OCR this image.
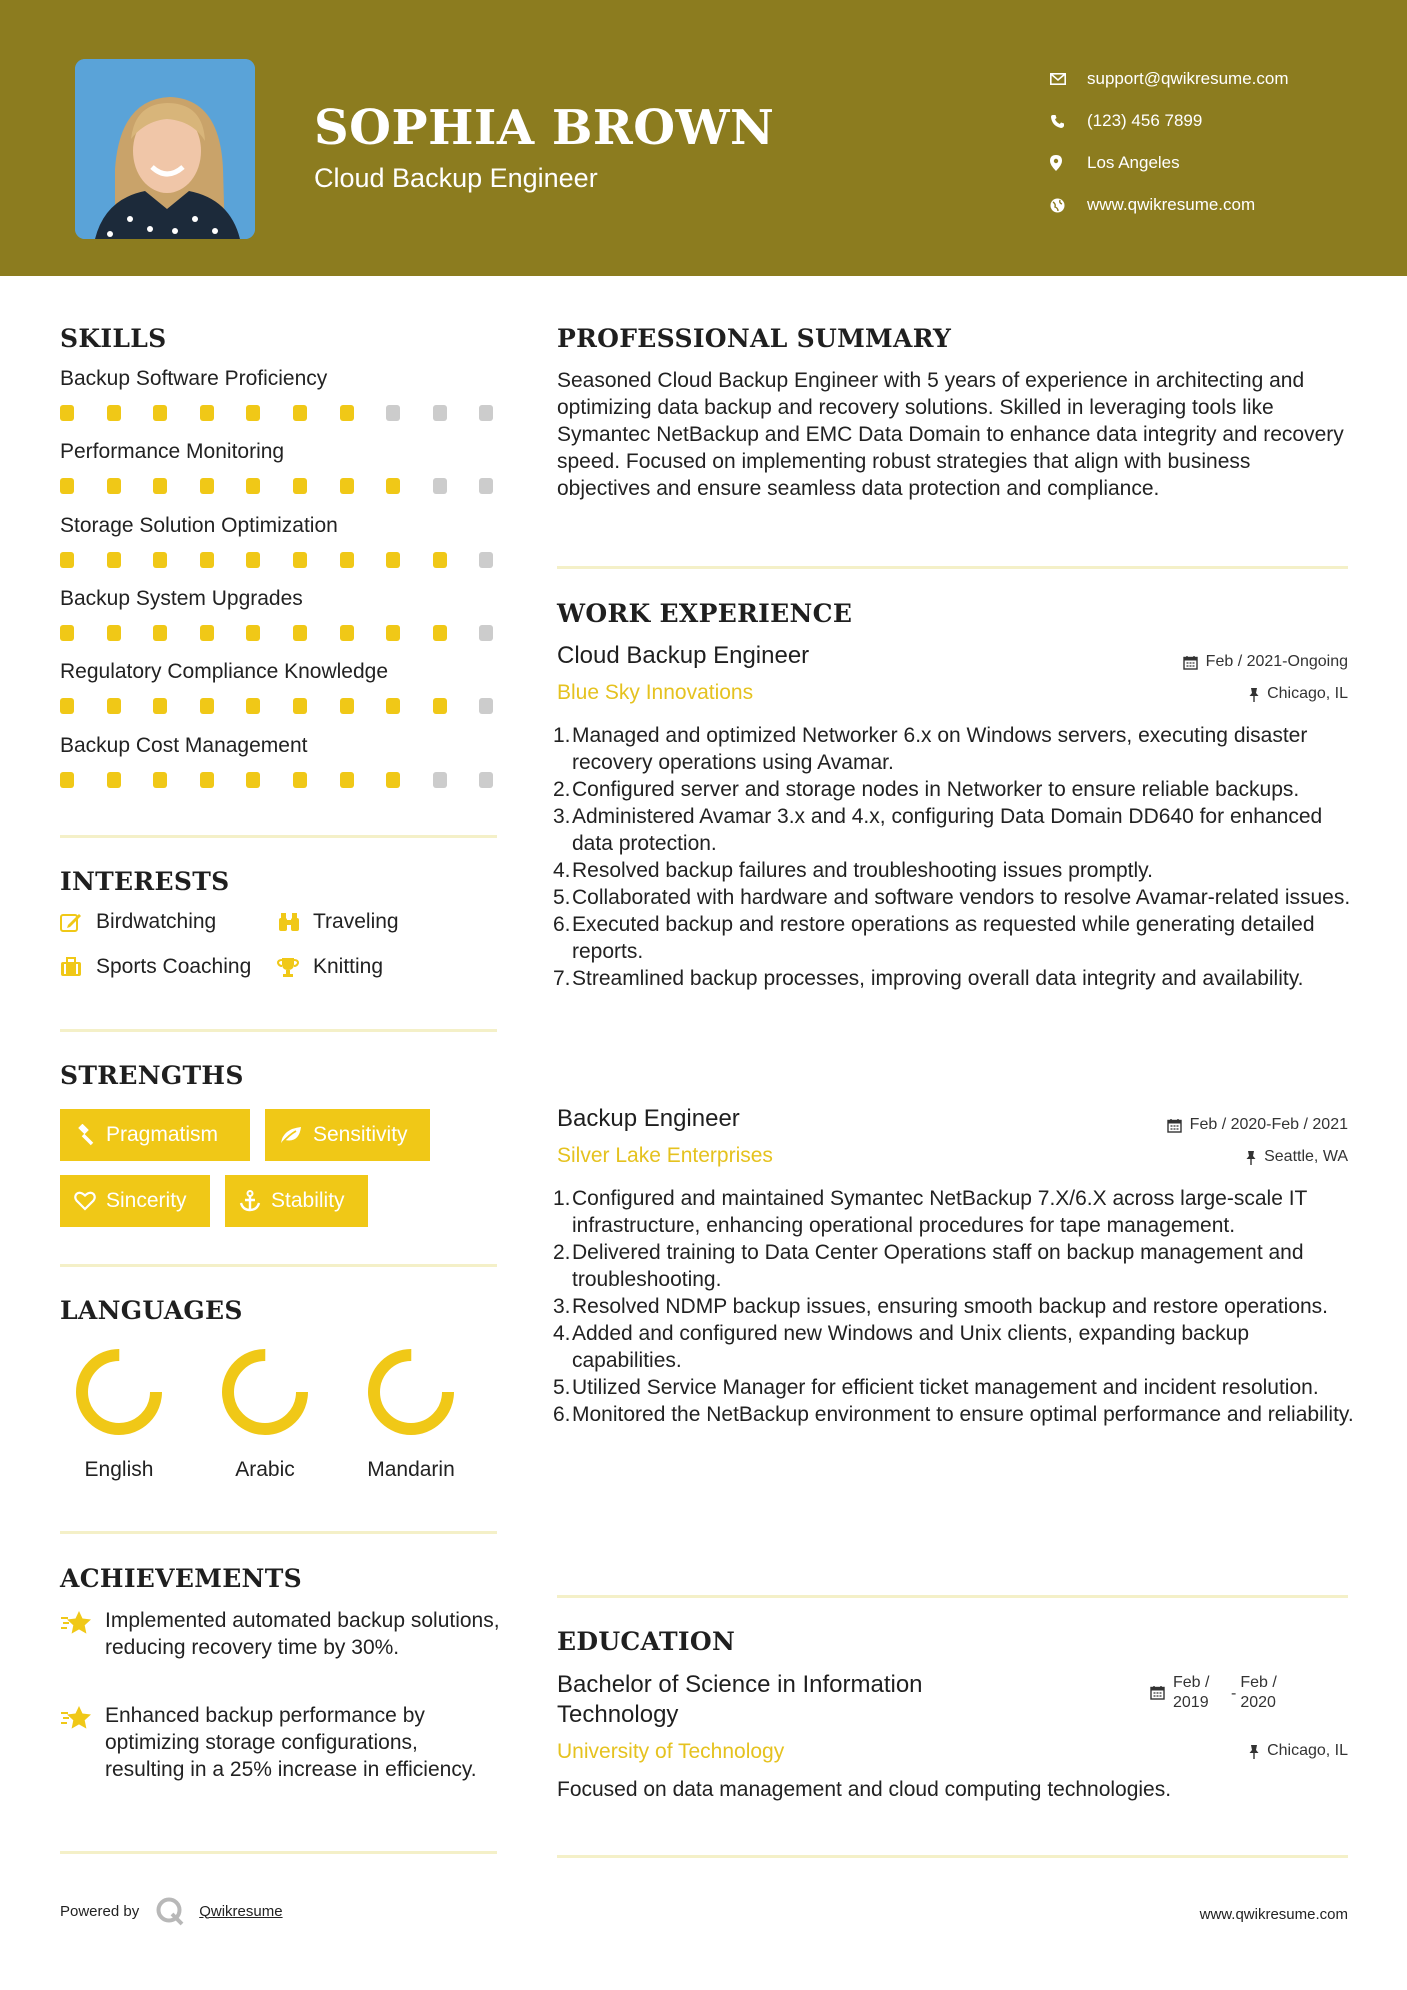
SOPHIA BROWN
Cloud Backup Engineer
support@qwikresume.com
(123) 456 7899
Los Angeles
www.qwikresume.com
SKILLS
Backup Software Proficiency
Performance Monitoring
Storage Solution Optimization
Backup System Upgrades
Regulatory Compliance Knowledge
Backup Cost Management
INTERESTS
Birdwatching	Traveling
Sports Coaching	Knitting
STRENGTHS
Pragmatism	Sensitivity
Sincerity	Stability
LANGUAGES
English	Arabic	Mandarin
ACHIEVEMENTS
Implemented automated backup solutions, reducing recovery time by 30%.
Enhanced backup performance by optimizing storage configurations, resulting in a 25% increase in efficiency.
PROFESSIONAL SUMMARY
Seasoned Cloud Backup Engineer with 5 years of experience in architecting and optimizing data backup and recovery solutions. Skilled in leveraging tools like Symantec NetBackup and EMC Data Domain to enhance data integrity and recovery speed. Focused on implementing robust strategies that align with business objectives and ensure seamless data protection and compliance.
WORK EXPERIENCE
Cloud Backup Engineer	Feb / 2021-Ongoing
Blue Sky Innovations	Chicago, IL
1. Managed and optimized Networker 6.x on Windows servers, executing disaster recovery operations using Avamar.
2. Configured server and storage nodes in Networker to ensure reliable backups.
3. Administered Avamar 3.x and 4.x, configuring Data Domain DD640 for enhanced data protection.
4. Resolved backup failures and troubleshooting issues promptly.
5. Collaborated with hardware and software vendors to resolve Avamar-related issues.
6. Executed backup and restore operations as requested while generating detailed reports.
7. Streamlined backup processes, improving overall data integrity and availability.
Backup Engineer	Feb / 2020-Feb / 2021
Silver Lake Enterprises	Seattle, WA
1. Configured and maintained Symantec NetBackup 7.X/6.X across large-scale IT infrastructure, enhancing operational procedures for tape management.
2. Delivered training to Data Center Operations staff on backup management and troubleshooting.
3. Resolved NDMP backup issues, ensuring smooth backup and restore operations.
4. Added and configured new Windows and Unix clients, expanding backup capabilities.
5. Utilized Service Manager for efficient ticket management and incident resolution.
6. Monitored the NetBackup environment to ensure optimal performance and reliability.
EDUCATION
Bachelor of Science in Information Technology
Feb /
2019
-
Feb /
2020
University of Technology	Chicago, IL
Focused on data management and cloud computing technologies.
Powered by	Qwikresume	www.qwikresume.com
